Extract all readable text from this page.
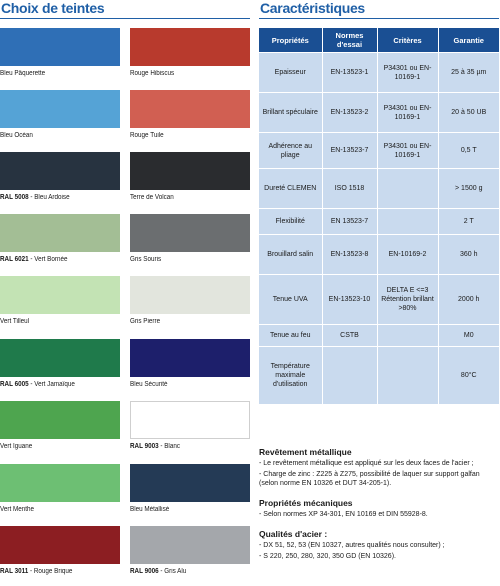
Choix de teintes
Bleu Pâquerette	Rouge Hibiscus
Bleu Océan	Rouge Tuile
RAL 5008 - Bleu Ardoise	Terre de Volcan
RAL 6021 - Vert Bornée	Gris Souris
Vert Tilleul	Gris Pierre
RAL 6005 - Vert Jamaïque	Bleu Sécurité
Vert Iguane	RAL 9003 - Blanc
Vert Menthe	Bleu Métallisé
RAL 3011 - Rouge Brique	RAL 9006 - Gris Alu
Caractéristiques
Propriétés	Normes d'essai	Critères	Garantie
Epaisseur	EN-13523-1	P34301 ou EN-10169-1	25 à 35 µm
Brillant spéculaire	EN-13523-2	P34301 ou EN-10169-1	20 à 50 UB
Adhérence au pliage	EN-13523-7	P34301 ou EN-10169-1	0,5 T
Dureté CLEMEN	ISO 1518		> 1500 g
Flexibilité	EN 13523-7		2 T
Brouillard salin	EN-13523-8	EN-10169-2	360 h
Tenue UVA	EN-13523-10	DELTA E <=3 Rétention brillant >80%	2000 h
Tenue au feu	CSTB		M0
Température maximale d'utilisation			80°C
Revêtement métallique

- Le revêtement métallique est appliqué sur les deux faces de l'acier ;

- Charge de zinc : Z225 à Z275, possibilité de laquer sur support galfan (selon norme EN 10326 et DUT 34-205-1).

Propriétés mécaniques

- Selon normes XP 34-301, EN 10169 et DIN 55928-8.

Qualités d'acier :

- DX 51, 52, 53 (EN 10327, autres qualités nous consulter) ;

- S 220, 250, 280, 320, 350 GD (EN 10326).
